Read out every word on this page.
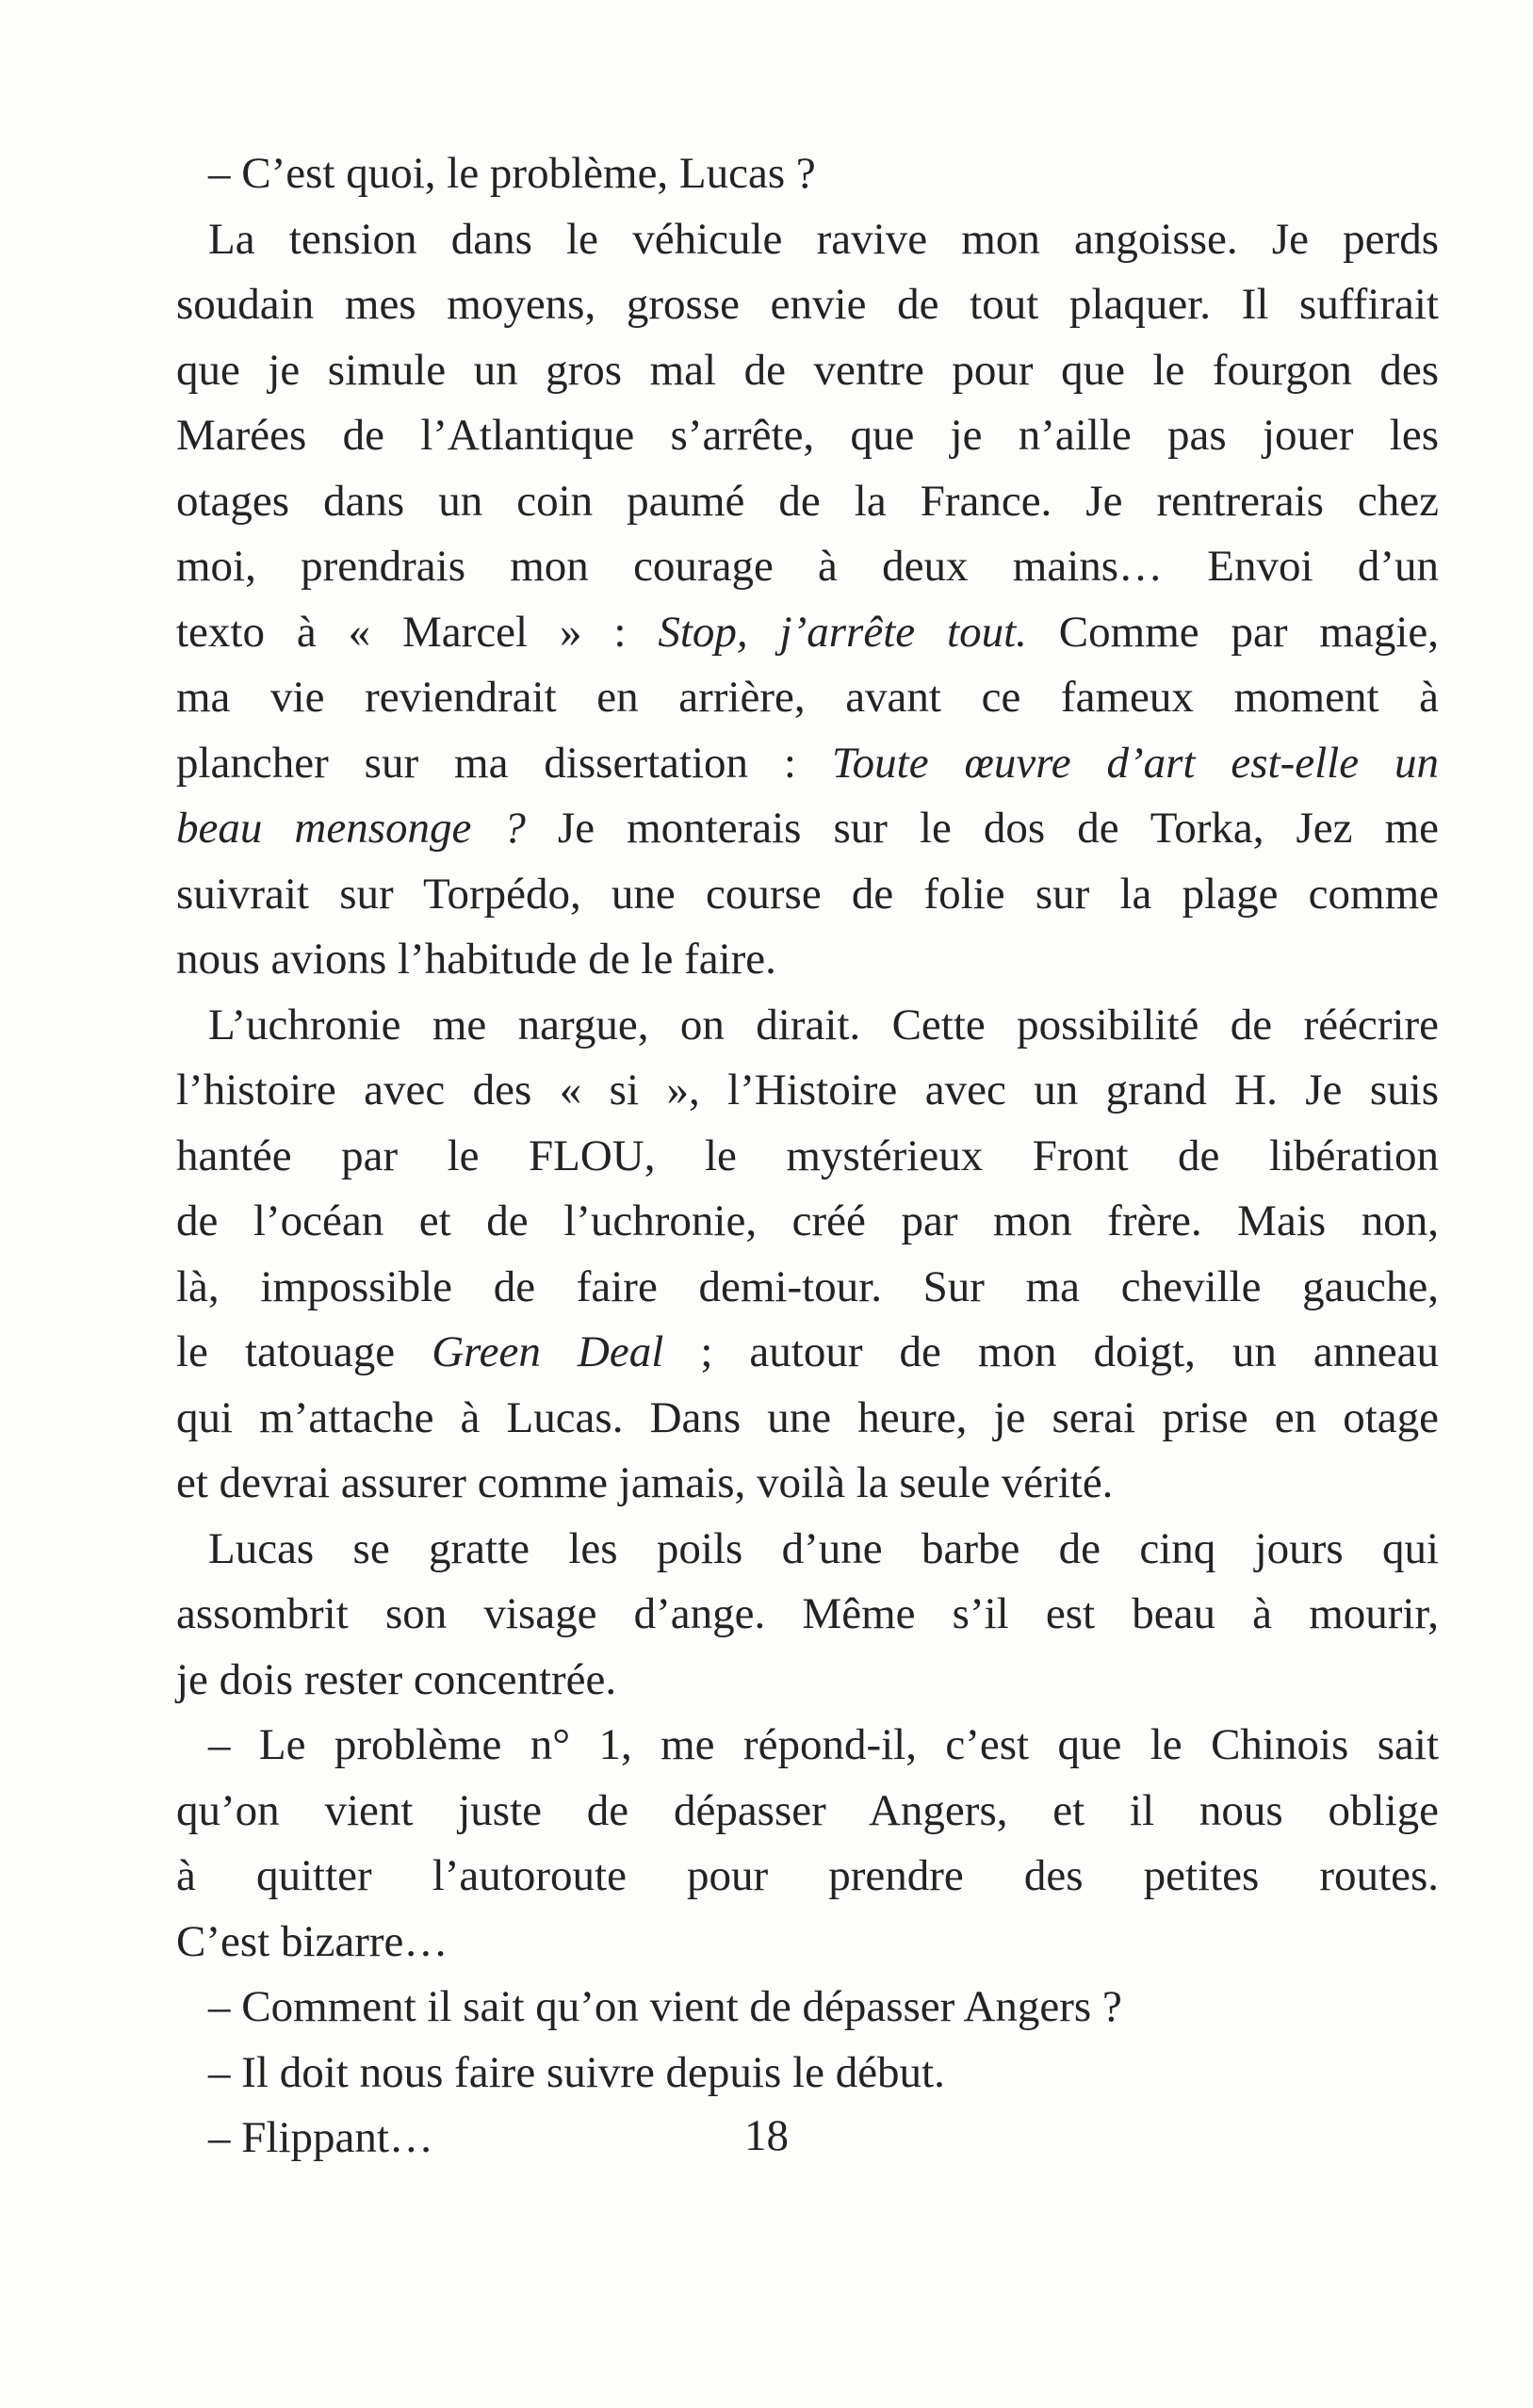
– C’est quoi, le problème, Lucas ?
La tension dans le véhicule ravive mon angoisse. Je perds
soudain mes moyens, grosse envie de tout plaquer. Il suffirait
que je simule un gros mal de ventre pour que le fourgon des
Marées de l’Atlantique s’arrête, que je n’aille pas jouer les
otages dans un coin paumé de la France. Je rentrerais chez
moi, prendrais mon courage à deux mains… Envoi d’un
texto à « Marcel » : Stop, j’arrête tout. Comme par magie,
ma vie reviendrait en arrière, avant ce fameux moment à
plancher sur ma dissertation : Toute œuvre d’art est-elle un
beau mensonge ? Je monterais sur le dos de Torka, Jez me
suivrait sur Torpédo, une course de folie sur la plage comme
nous avions l’habitude de le faire.
L’uchronie me nargue, on dirait. Cette possibilité de réécrire
l’histoire avec des « si », l’Histoire avec un grand H. Je suis
hantée par le FLOU, le mystérieux Front de libération
de l’océan et de l’uchronie, créé par mon frère. Mais non,
là, impossible de faire demi-tour. Sur ma cheville gauche,
le tatouage Green Deal ; autour de mon doigt, un anneau
qui m’attache à Lucas. Dans une heure, je serai prise en otage
et devrai assurer comme jamais, voilà la seule vérité.
Lucas se gratte les poils d’une barbe de cinq jours qui
assombrit son visage d’ange. Même s’il est beau à mourir,
je dois rester concentrée.
– Le problème n° 1, me répond-il, c’est que le Chinois sait
qu’on vient juste de dépasser Angers, et il nous oblige
à quitter l’autoroute pour prendre des petites routes.
C’est bizarre…
– Comment il sait qu’on vient de dépasser Angers ?
– Il doit nous faire suivre depuis le début.
– Flippant…	18
